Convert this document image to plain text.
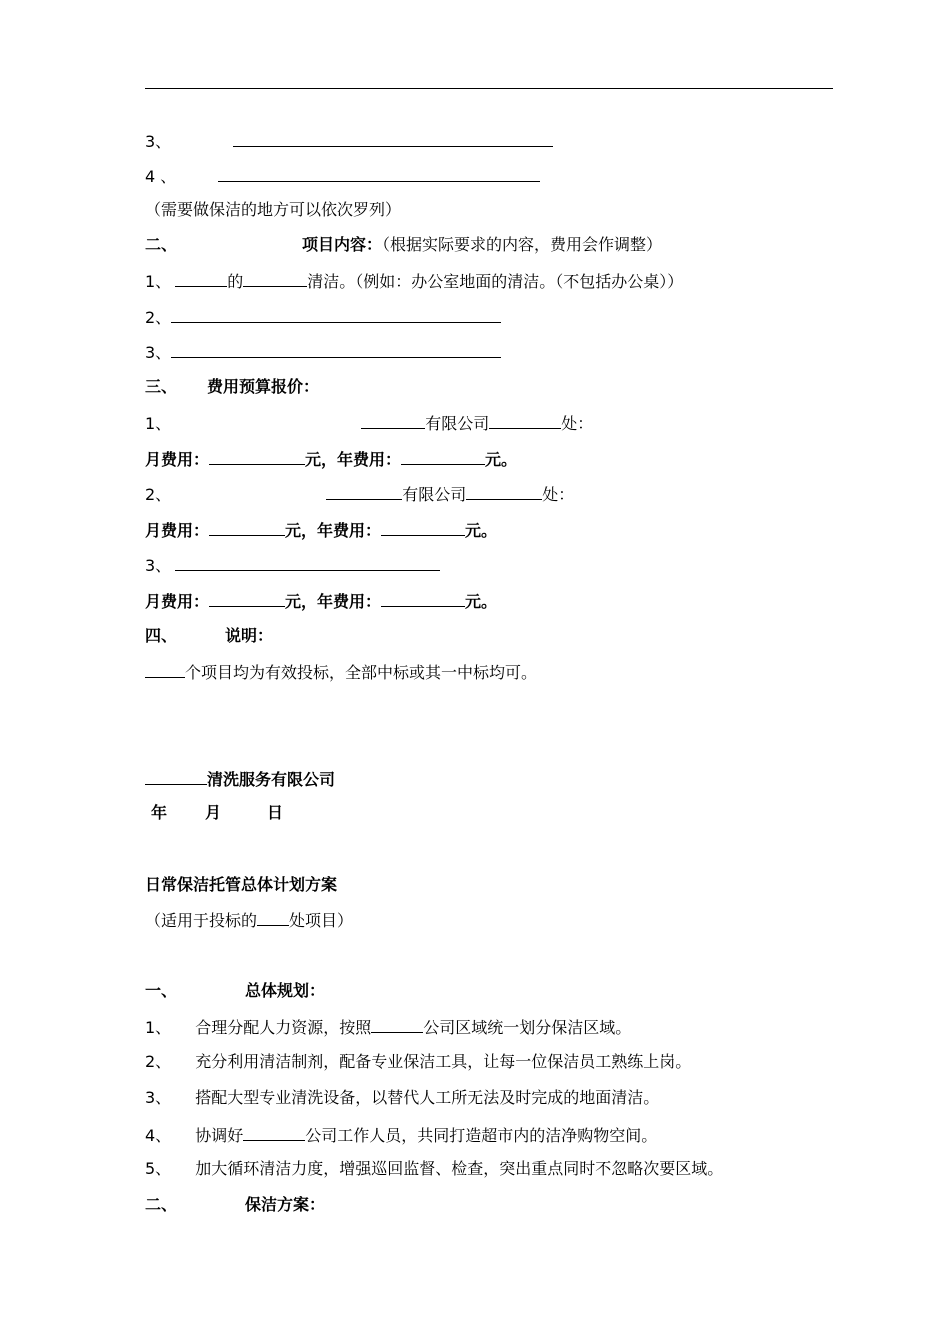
3、
4 、
（需要做保洁的地方可以依次罗列）
二、	项目内容：（根据实际要求的内容，费用会作调整）
1、	的	清洁。（例如：办公室地面的清洁。（不包括办公桌））
2、
3、
三、 费用预算报价：
1、	有限公司	处：
月费用：	元，年费用：	元。
2、	有限公司	处：
月费用：	元，年费用：	元。
3、
月费用：	元，年费用：	元。
四、	说明：
个项目均为有效投标，全部中标或其一中标均可。
清洗服务有限公司
年 月	日
日常保洁托管总体计划方案
（适用于投标的 处项目）
一、	总体规划：
1、 合理分配人力资源，按照	公司区域统一划分保洁区域。
2、 充分利用清洁制剂，配备专业保洁工具，让每一位保洁员工熟练上岗。
3、 搭配大型专业清洗设备，以替代人工所无法及时完成的地面清洁。
4、 协调好	公司工作人员，共同打造超市内的洁净购物空间。
5、 加大循环清洁力度，增强巡回监督、检查，突出重点同时不忽略次要区域。
二、	保洁方案：
